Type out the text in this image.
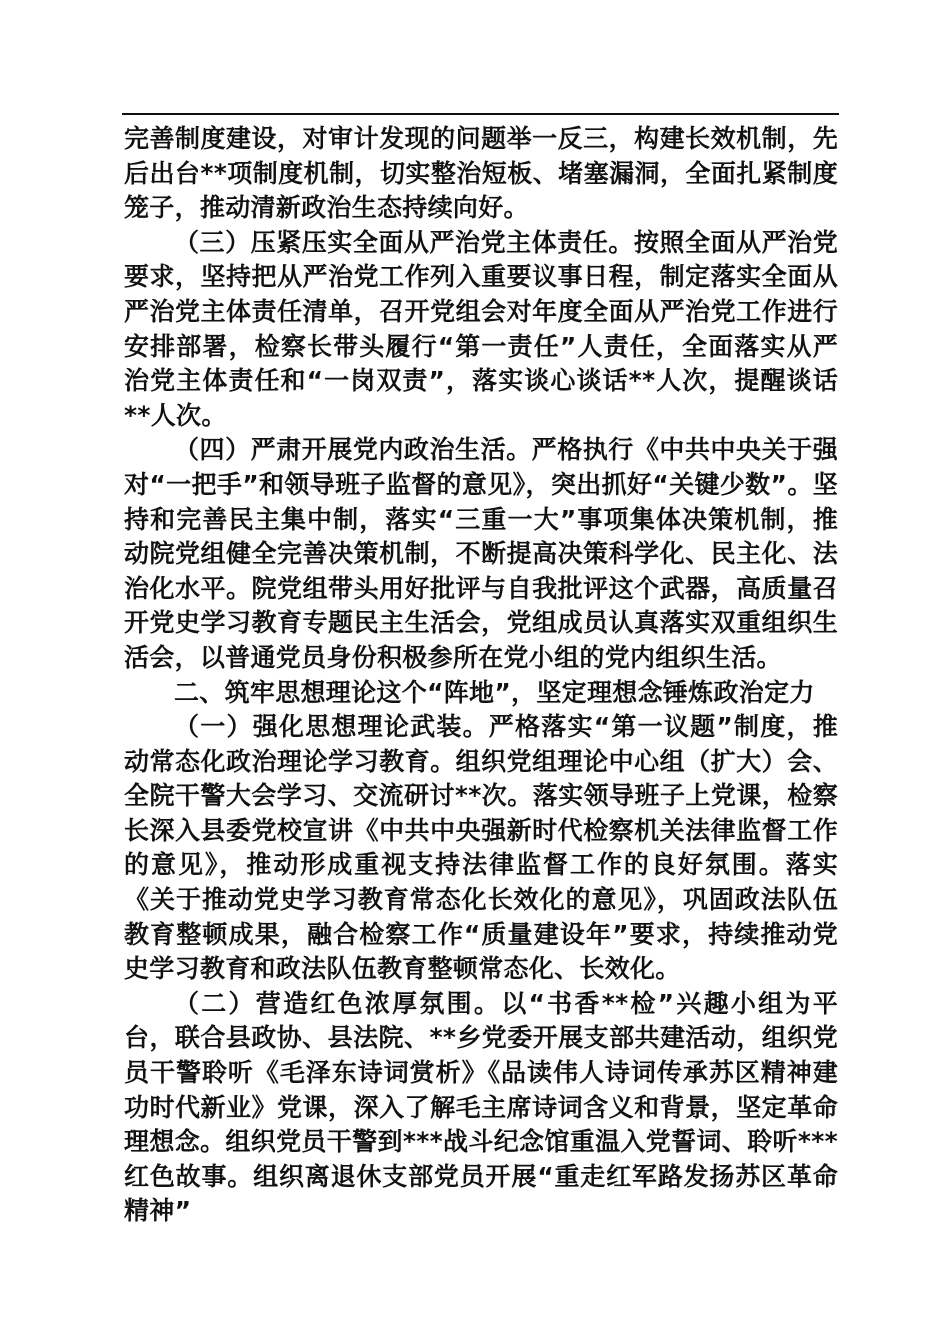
完善制度建设，对审计发现的问题举一反三，构建长效机制，先后出台**项制度机制，切实整治短板、堵塞漏洞，全面扎紧制度笼子，推动清新政治生态持续向好。

（三）压紧压实全面从严治党主体责任。按照全面从严治党要求，坚持把从严治党工作列入重要议事日程，制定落实全面从严治党主体责任清单，召开党组会对年度全面从严治党工作进行安排部署，检察长带头履行“第一责任”人责任，全面落实从严治党主体责任和“一岗双责”，落实谈心谈话**人次，提醒谈话**人次。

（四）严肃开展党内政治生活。严格执行《中共中央关于强对“一把手”和领导班子监督的意见》，突出抓好“关键少数”。坚持和完善民主集中制，落实“三重一大”事项集体决策机制，推动院党组健全完善决策机制，不断提高决策科学化、民主化、法治化水平。院党组带头用好批评与自我批评这个武器，高质量召开党史学习教育专题民主生活会，党组成员认真落实双重组织生活会，以普通党员身份积极参所在党小组的党内组织生活。

二、筑牢思想理论这个“阵地”，坚定理想念锤炼政治定力

（一）强化思想理论武装。严格落实“第一议题”制度，推动常态化政治理论学习教育。组织党组理论中心组（扩大）会、全院干警大会学习、交流研讨**次。落实领导班子上党课，检察长深入县委党校宣讲《中共中央强新时代检察机关法律监督工作的意见》，推动形成重视支持法律监督工作的良好氛围。落实《关于推动党史学习教育常态化长效化的意见》，巩固政法队伍教育整顿成果，融合检察工作“质量建设年”要求，持续推动党史学习教育和政法队伍教育整顿常态化、长效化。

（二）营造红色浓厚氛围。以“书香**检”兴趣小组为平台，联合县政协、县法院、**乡党委开展支部共建活动，组织党员干警聆听《毛泽东诗词赏析》《品读伟人诗词传承苏区精神建功时代新业》党课，深入了解毛主席诗词含义和背景，坚定革命理想念。组织党员干警到***战斗纪念馆重温入党誓词、聆听***红色故事。组织离退休支部党员开展“重走红军路发扬苏区革命精神”
